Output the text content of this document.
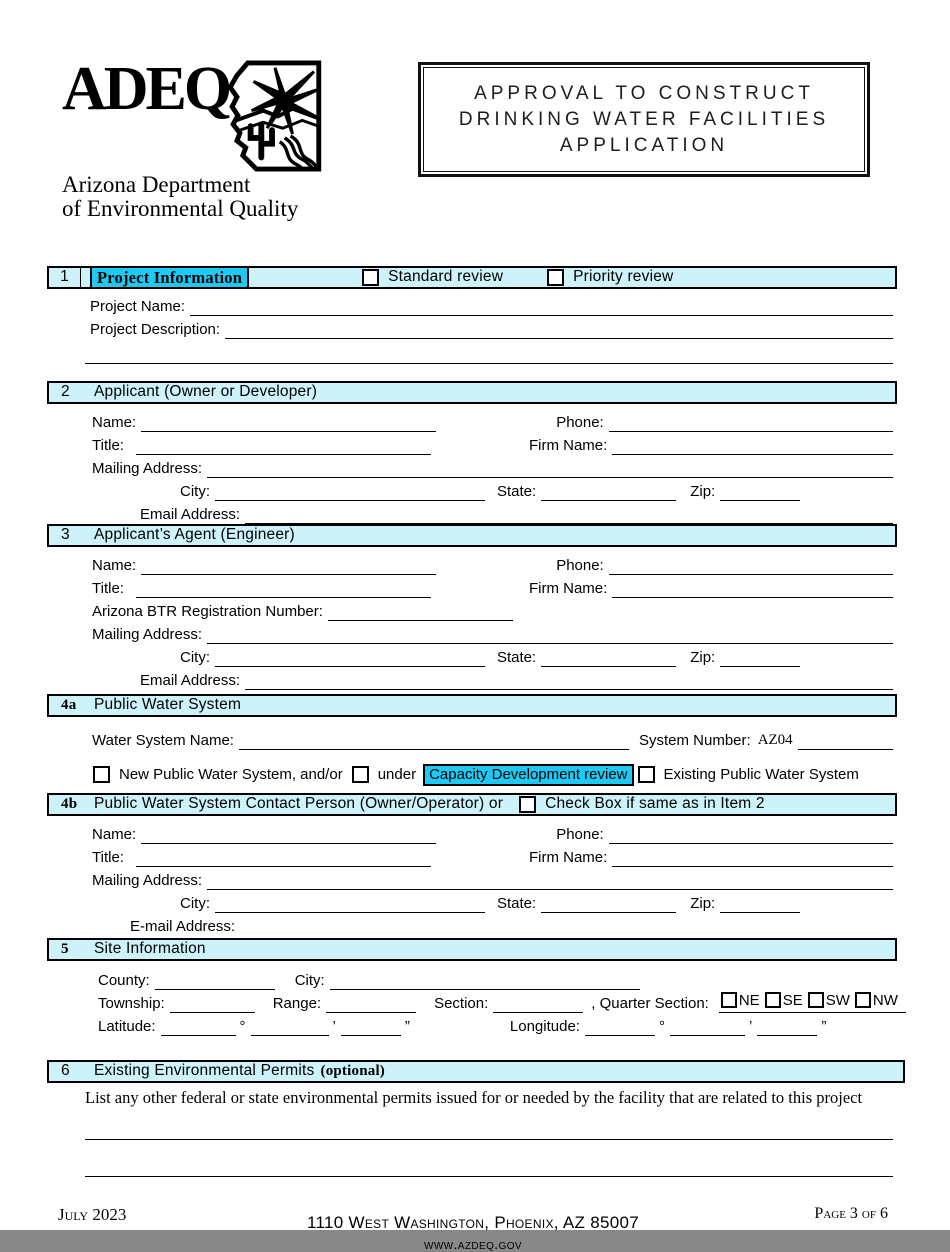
ADEQ
Arizona Department
of Environmental Quality
APPROVAL TO CONSTRUCT
DRINKING WATER FACILITIES
APPLICATION
1	Project Information	Standard review	Priority review
Project Name:
Project Description:
2	Applicant (Owner or Developer)
Name:	Phone:
Title:	Firm Name:
Mailing Address:
City:	State:	Zip:
Email Address:
3	Applicant’s Agent (Engineer)
Name:	Phone:
Title:	Firm Name:
Arizona BTR Registration Number:
Mailing Address:
City:	State:	Zip:
Email Address:
4a	Public Water System
Water System Name:	System Number: AZ04
New Public Water System, and/or under Capacity Development review	Existing Public Water System
4b	Public Water System Contact Person (Owner/Operator) or	Check Box if same as in Item 2
Name:	Phone:
Title:	Firm Name:
Mailing Address:
City:	State:	Zip:
E-mail Address:
5	Site Information
County:	City:
Township:	Range:	Section:	, Quarter Section: NE SE SW NW
Latitude:	°	’	”	Longitude:	°	’	”
6	Existing Environmental Permits (optional)
List any other federal or state environmental permits issued for or needed by the facility that are related to this project
July 2023	1110 West Washington, Phoenix, AZ 85007
www.azdeq.gov
Page 3 of 6
